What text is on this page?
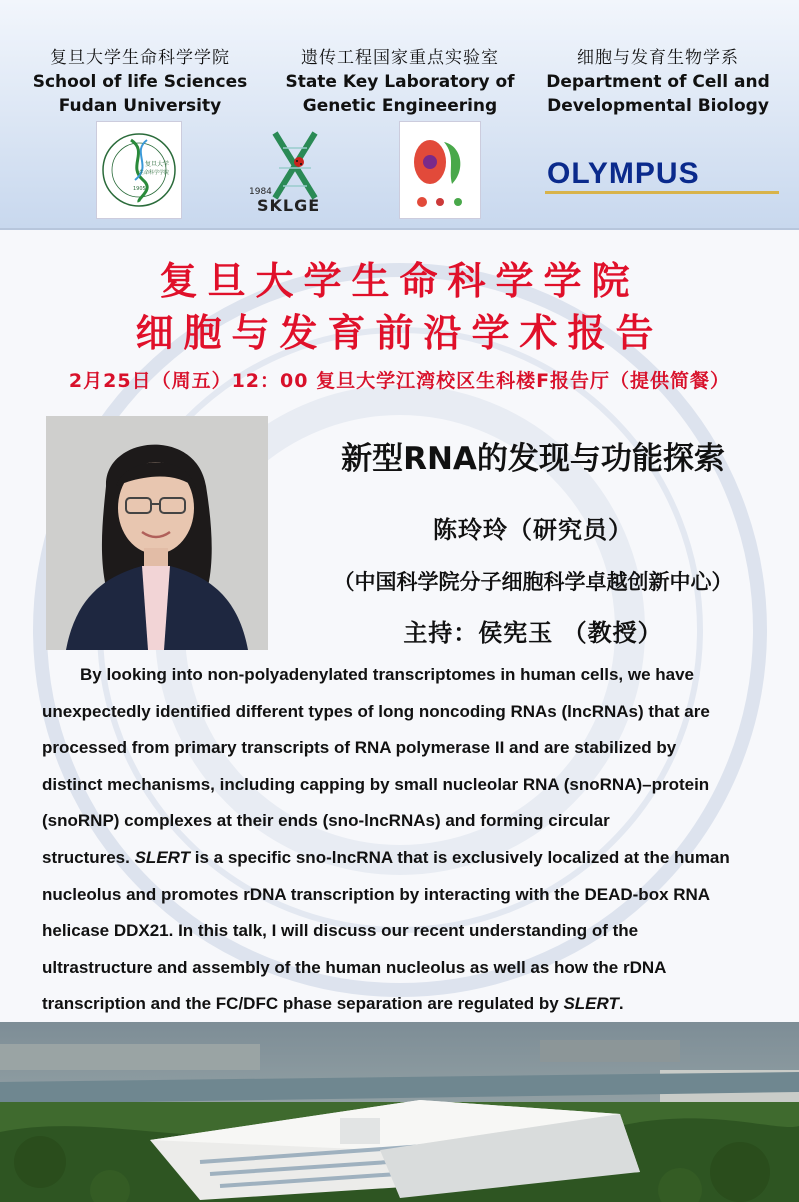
复旦大学生命科学学院
School of life Sciences
Fudan University
遗传工程国家重点实验室
State Key Laboratory of
Genetic Engineering
细胞与发育生物学系
Department of Cell and
Developmental Biology
复旦大学
生命科学学院
1905	1984
SKLGE
OLYMPUS
复旦大学生命科学学院
细胞与发育前沿学术报告
2月25日（周五）12：00 复旦大学江湾校区生科楼F报告厅（提供简餐）
新型RNA的发现与功能探索
陈玲玲（研究员）
（中国科学院分子细胞科学卓越创新中心）
主持：侯宪玉 （教授）
By looking into non-polyadenylated transcriptomes in human cells, we have
unexpectedly identified different types of long noncoding RNAs (lncRNAs) that are
processed from primary transcripts of RNA polymerase II and are stabilized by
distinct mechanisms, including capping by small nucleolar RNA (snoRNA)–protein
(snoRNP) complexes at their ends (sno-lncRNAs) and forming circular
structures. SLERT is a specific sno-lncRNA that is exclusively localized at the human
nucleolus and promotes rDNA transcription by interacting with the DEAD-box RNA
helicase DDX21. In this talk, I will discuss our recent understanding of the
ultrastructure and assembly of the human nucleolus as well as how the rDNA
transcription and the FC/DFC phase separation are regulated by SLERT.
